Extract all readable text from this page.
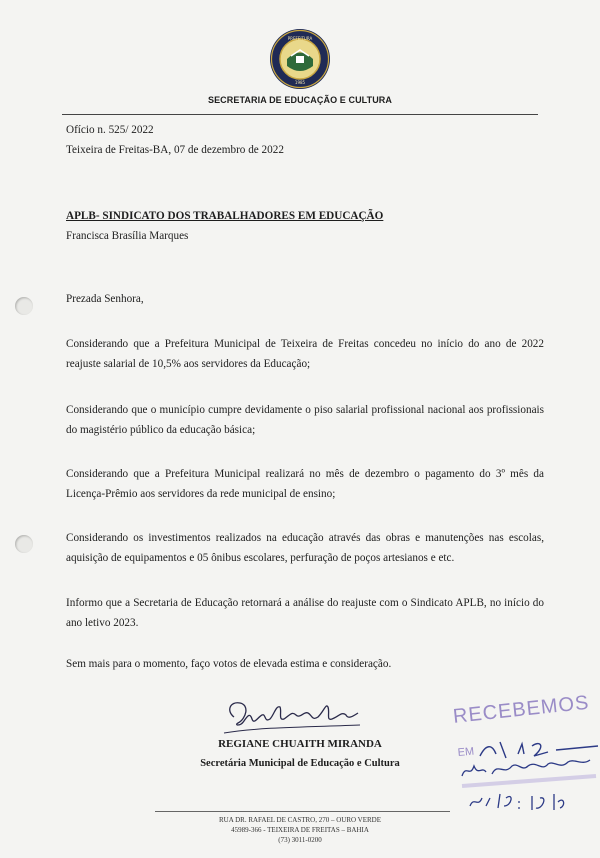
PREFEITURA
1985
SECRETARIA DE EDUCAÇÃO E CULTURA
Ofício n. 525/ 2022
Teixeira de Freitas-BA, 07 de dezembro de 2022
APLB- SINDICATO DOS TRABALHADORES EM EDUCAÇÃO
Francisca Brasília Marques
Prezada Senhora,
Considerando que a Prefeitura Municipal de Teixeira de Freitas concedeu no início do ano de 2022 reajuste salarial de 10,5% aos servidores da Educação;
Considerando que o município cumpre devidamente o piso salarial profissional nacional aos profissionais do magistério público da educação básica;
Considerando que a Prefeitura Municipal realizará no mês de dezembro o pagamento do 3º mês da Licença-Prêmio aos servidores da rede municipal de ensino;
Considerando os investimentos realizados na educação através das obras e manutenções nas escolas, aquisição de equipamentos e 05 ônibus escolares, perfuração de poços artesianos e etc.
Informo que a Secretaria de Educação retornará a análise do reajuste com o Sindicato APLB, no início do ano letivo 2023.
Sem mais para o momento, faço votos de elevada estima e consideração.
REGIANE CHUAITH MIRANDA
Secretária Municipal de Educação e Cultura
RECEBEMOS
EM
RUA DR. RAFAEL DE CASTRO, 270 – OURO VERDE
45989-366 - TEIXEIRA DE FREITAS – BAHIA
(73) 3011-0200
